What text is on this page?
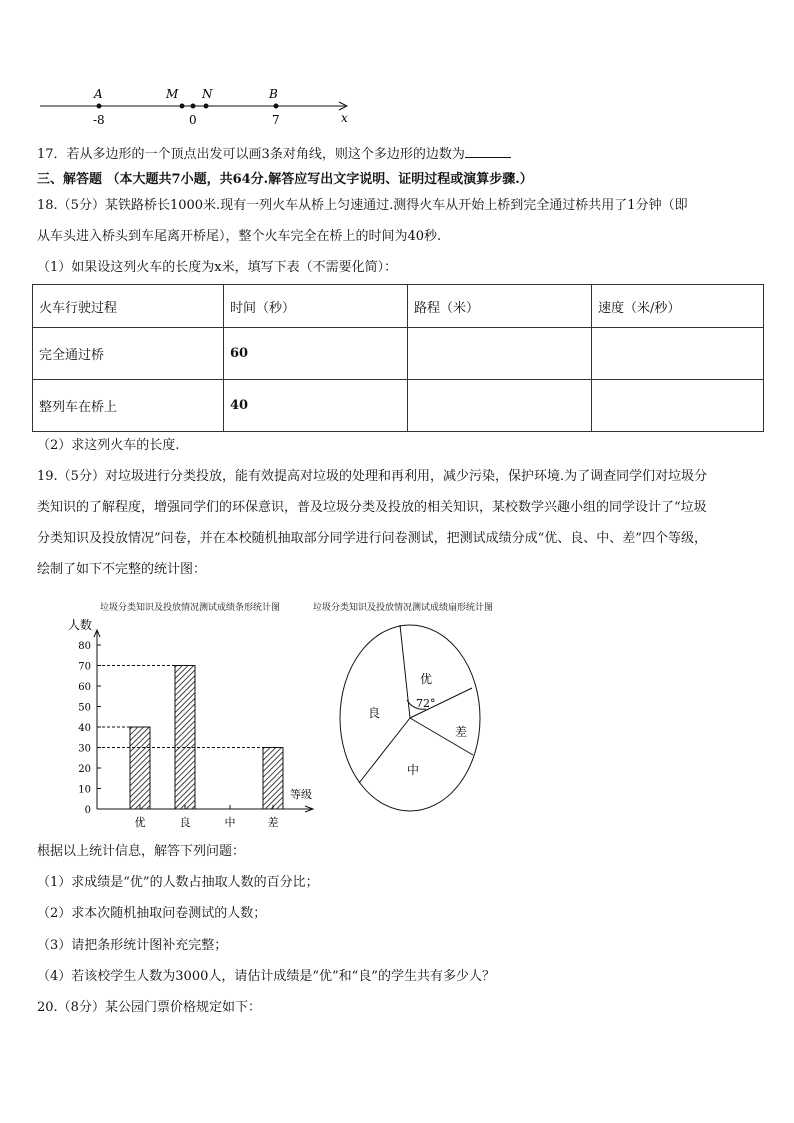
A	M N	B
-8	0	7	x
17．若从多边形的一个顶点出发可以画3条对角线，则这个多边形的边数为
三、解答题 （本大题共7小题，共64分.解答应写出文字说明、证明过程或演算步骤.）
18.（5分）某铁路桥长1000米.现有一列火车从桥上匀速通过.测得火车从开始上桥到完全通过桥共用了1分钟（即
从车头进入桥头到车尾离开桥尾），整个火车完全在桥上的时间为40秒.
（1）如果设这列火车的长度为x米，填写下表（不需要化简）：
火车行驶过程	时间（秒）	路程（米）	速度（米/秒）
完全通过桥	60		
整列车在桥上	40		
（2）求这列火车的长度.
19.（5分）对垃圾进行分类投放，能有效提高对垃圾的处理和再利用，减少污染，保护环境.为了调查同学们对垃圾分
类知识的了解程度，增强同学们的环保意识，普及垃圾分类及投放的相关知识，某校数学兴趣小组的同学设计了“垃圾
分类知识及投放情况”问卷，并在本校随机抽取部分同学进行问卷测试，把测试成绩分成“优、良、中、差”四个等级，
绘制了如下不完整的统计图：
垃圾分类知识及投放情况测试成绩条形统计图	垃圾分类知识及投放情况测试成绩扇形统计图
人数
等级
0
10
20
30
40
50
60
70
80
优	良	中	差
72°
优
差
中
良
根据以上统计信息，解答下列问题：
（1）求成绩是“优”的人数占抽取人数的百分比；
（2）求本次随机抽取问卷测试的人数；
（3）请把条形统计图补充完整；
（4）若该校学生人数为3000人，请估计成绩是“优”和“良”的学生共有多少人？
20.（8分）某公园门票价格规定如下：
